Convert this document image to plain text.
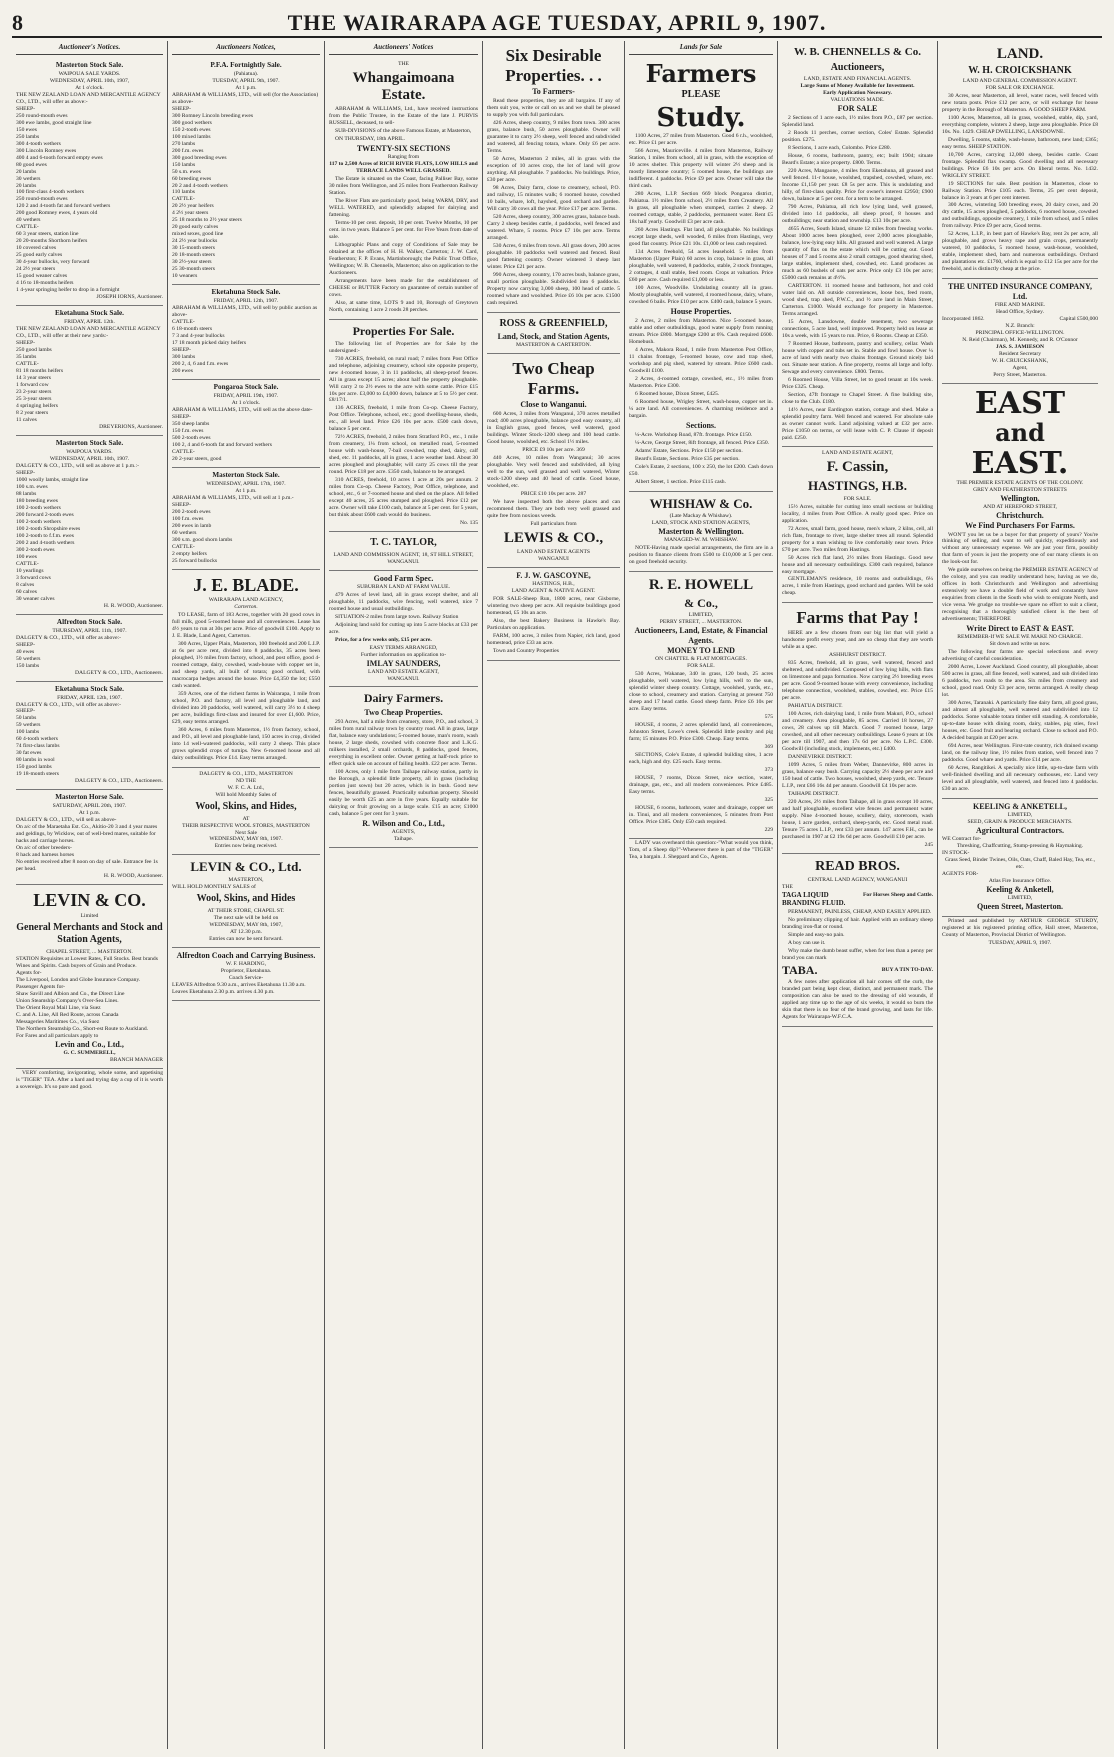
8	THE WAIRARAPA AGE TUESDAY, APRIL 9, 1907.
Auctioneer's Notices.
Masterton Stock Sale.
WAIPOUA SALE YARDS.
WEDNESDAY, APRIL 10th, 1907,
At 1 o'clock.
THE NEW ZEALAND LOAN AND MERCANTILE AGENCY CO., LTD., will offer as above:-
SHEEP-
250 round-mouth ewes
300 ewe lambs, good straight line
150 ewes
250 lambs
300 4-tooth wethers
300 Lincoln Romney ewes
400 4 and 6-tooth forward empty ewes
80 good ewes
20 lambs
30 wethers
20 lambs
100 first-class 4-tooth wethers
250 round-mouth ewes
120 2 and 4-tooth fat and forward wethers
200 good Romney ewes, 4 years old
40 wethers
CATTLE-
60 3 year steers, station line
20 20-months Shorthorn heifers
10 covered calves
25 good early calves
30 4-year bullocks, very forward
24 2½ year steers
15 good weaner calves
4 16 to 18-months heifers
1 4-year springing heifer to drop in a fortnight
JOSEPH IORNS, Auctioneer.
Eketahuna Stock Sale.
FRIDAY, APRIL 12th.
THE NEW ZEALAND LOAN AND MERCANTILE AGENCY CO., LTD., will offer at their new yards:-
SHEEP-
250 good lambs
35 lambs
CATTLE-
81 18 months heifers
14 3 year steers
1 forward cow
23 2-year steers
25 3-year steers
4 springing heifers
8 2 year steers
11 calves
DREYERIONS, Auctioneer.
Masterton Stock Sale.
WAIPOUA YARDS.
WEDNESDAY, APRIL 10th, 1907.
DALGETY & CO., LTD., will sell as above at 1 p.m.:-
SHEEP-
1000 woolly lambs, straight line
100 s.m. ewes
88 lambs
180 breeding ewes
100 2-tooth wethers
200 forward 2-tooth ewes
100 2-tooth wethers
100 2-tooth Shropshire ewes
100 2-tooth to f.f.m. ewes
200 2 and 4-tooth wethers
300 2-tooth ewes
100 ewes
CATTLE-
10 yearlings
3 forward cows
8 calves
60 calves
30 weaner calves
H. R. WOOD, Auctioneer.
Alfredton Stock Sale.
THURSDAY, APRIL 11th, 1907.
DALGETY & CO., LTD., will offer as above:-
SHEEP-
40 ewes
50 wethers
150 lambs
DALGETY & CO., LTD., Auctioneers.
Eketahuna Stock Sale.
FRIDAY, APRIL 12th, 1907.
DALGETY & CO., LTD., will offer as above:-
SHEEP-
50 lambs
59 wethers
100 lambs
60 4-tooth wethers
74 first-class lambs
30 fat ewes
80 lambs in wool
150 good lambs
19 18-month steers
DALGETY & CO., LTD., Auctioneers.
Masterton Horse Sale.
SATURDAY, APRIL 20th, 1907.
At 1 p.m.
DALGETY & CO., LTD., will sell as above-
On a/c of the Maraetaha Est. Co., Akitio-20 3 and 4 year mares and geldings, by Wicklow, out of well-bred mares, suitable for hacks and carriage horses.
On a/c of other breeders-
8 hack and harness horses
No entries received after 8 noon on day of sale. Entrance fee 1s per head.
H. R. WOOD, Auctioneer.
LEVIN & CO.
Limited
General Merchants and Stock and Station Agents,
CHAPEL STREET, ... MASTERTON.
STATION Requisites at Lowest Rates, Full Stocks. Best brands Wines and Spirits. Cash buyers of Grain and Produce.
Agents for-
The Liverpool, London and Globe Insurance Company.
Passenger Agents for-
Shaw Savill and Albion and Co., the Direct Line
Union Steamship Company's Over-Sea Lines.
The Orient Royal Mail Line, via Suez
C. and A. Line, All Red Route, across Canada
Messageries Maritimes Co., via Suez
The Northern Steamship Co., Short-est Route to Auckland.
For Fares and all particulars apply to
Levin and Co., Ltd.,
G. C. SUMMERELL,
BRANCH MANAGER
VERY comforting, invigorating, whole some, and appetising is "TIGER" TEA. After a hard and trying day a cup of it is worth a sovereign. It's so pure and good.
Auctioneers Notices,
P.F.A. Fortnightly Sale.
(Pahiatua).
TUESDAY, APRIL 9th, 1907.
At 1 p.m.
ABRAHAM & WILLIAMS, LTD., will sell (for the Association) as above-
SHEEP-
300 Romney Lincoln breeding ewes
300 good wethers
150 2-tooth ewes
100 mixed lambs
270 lambs
200 f.m. ewes
300 good breeding ewes
150 lambs
50 s.m. ewes
60 breeding ewes
20 2 and 4-tooth wethers
110 lambs
CATTLE-
20 2½ year heifers
4 2½ year steers
25 18 months to 2½ year steers
20 good early calves
mixed sexes, good line
24 2½ year bullocks
30 15-month steers
20 18-month steers
30 2½-year steers
25 30-month steers
10 weaners
Eketahuna Stock Sale.
FRIDAY, APRIL 12th, 1907.
ABRAHAM & WILLIAMS, LTD., will sell by public auction as above-
CATTLE-
6 18-month steers
7 3 and 4-year bullocks
17 18 month picked dairy heifers
SHEEP-
300 lambs
200 2, 4, 6 and f.m. ewes
200 ewes
Pongaroa Stock Sale.
FRIDAY, APRIL 19th, 1907.
At 1 o'clock.
ABRAHAM & WILLIAMS, LTD., will sell as the above date-
SHEEP-
350 sheep lambs
150 f.m. ewes
500 2-tooth ewes
100 2, 4 and 6-tooth fat and forward wethers
CATTLE-
20 2-year steers, good
Masterton Stock Sale.
WEDNESDAY, APRIL 17th, 1907.
At 1 p.m.
ABRAHAM & WILLIAMS, LTD., will sell at 1 p.m.-
SHEEP-
200 2-tooth ewes
100 f.m. ewes
200 ewes in lamb
60 wethers
300 s.m. good shorn lambs
CATTLE-
2 empty heifers
25 forward bullocks
J. E. BLADE.
WAIRARAPA LAND AGENCY,
Carterton.
TO LEASE, farm of 183 Acres, together with 20 good cows in full milk, good 5-roomed house and all conveniences. Lease has 4½ years to run at 30s per acre. Price of goodwill £100. Apply to J. E. Blade, Land Agent, Carterton.
300 Acres, Upper Plain, Masterton, 100 freehold and 200 L.I.P. at 6s per acre rent, divided into 8 paddocks, 35 acres been ploughed, 1½ miles from factory, school, and post office, good 4-roomed cottage, dairy, cowshed, wash-house with copper set in, and sheep yards, all built of totara; good orchard, with macrocarpa hedges around the house. Price £4,350 the lot; £550 cash wanted.
359 Acres, one of the richest farms in Wairarapa, 1 mile from school, P.O. and factory, all level and ploughable land, and divided into 20 paddocks, well watered, will carry 3½ to 4 sheep per acre, buildings first-class and insured for over £1,600. Price, £29, easy terms arranged.
360 Acres, 6 miles from Masterton, 1½ from factory, school, and P.O., all level and ploughable land, 150 acres in crop, divided into 14 well-watered paddocks, will carry 2 sheep. This place grows splendid crops of turnips. New 6-roomed house and all dairy outbuildings. Price £14. Easy terms arranged.
DALGETY & CO., LTD., MASTERTON
ND THE
W. F. C. A. Ltd.,
Will hold Monthly Sales of
Wool, Skins, and Hides,
AT
THEIR RESPECTIVE WOOL STORES, MASTERTON
Next Sale
WEDNESDAY, MAY 8th, 1907.
Entries now being received.
LEVIN & CO., Ltd.
MASTERTON,
WILL HOLD MONTHLY SALES of
Wool, Skins, and Hides
AT THEIR STORE, CHAPEL ST.
The next sale will be held on
WEDNESDAY, MAY 8th, 1907,
AT 12.30 p.m.
Entries can now be sent forward.
Alfredton Coach and Carrying Business.
W. F. HARDING,
Proprietor, Eketahuna.
Coach Service-
LEAVES Alfredton 9.30 a.m., arrives Eketahuna 11.30 a.m.
Leaves Eketahuna 2.30 p.m. arrives 4.30 p.m.
Auctioneers' Notices
THE
Whangaimoana Estate.
ABRAHAM & WILLIAMS, Ltd., have received instructions from the Public Trustee, in the Estate of the late J. PURVIS RUSSELL, deceased, to sell-
SUB-DIVISIONS of the above Famous Estate, at Masterton,
ON THURSDAY, 18th APRIL.
TWENTY-SIX SECTIONS
Ranging from
117 to 2,500 Acres of RICH RIVER FLATS, LOW HILLS and TERRACE LANDS WELL GRASSED.
The Estate is situated on the Coast, facing Palliser Bay, some 30 miles from Wellington, and 25 miles from Featherston Railway Station.
The River Flats are particularly good, being WARM, DRY, and WELL WATERED, and splendidly adapted for dairying and fattening.
Terms-10 per cent. deposit, 10 per cent. Twelve Months, 10 per cent. in two years. Balance 5 per cent. for Five Years from date of sale.
Lithographic Plans and copy of Conditions of Sale may be obtained at the offices of H. H. Walker, Carterton; J. W. Card, Featherston; F. P. Evans, Martinborough; the Public Trust Office, Wellington; W. B. Chennells, Masterton; also on application to the Auctioneers.
Arrangements have been made for the establishment of CHEESE or BUTTER Factory on guarantee of certain number of cows.
Also, at same time, LOTS 9 and 10, Borough of Greytown North, containing 1 acre 2 roods 28 perches.
Properties For Sale.
The following list of Properties are for Sale by the undersigned:-
730 ACRES, freehold, on rural road; 7 miles from Post Office and telephone, adjoining creamery, school site opposite property, new 4-roomed house, 3 in 11 paddocks, all sheep-proof fences. All in grass except 15 acres; about half the property ploughable. Will carry 2 to 2½ ewes to the acre with some cattle. Price £15 10s per acre. £3,000 to £4,000 down, balance at 5 to 5½ per cent. £8/17/1.
136 ACRES, freehold, 1 mile from Co-op. Cheese Factory, Post Office. Telephone, school, etc.; good dwelling-house, sheds, etc., all level land. Price £26 10s per acre. £500 cash down, balance 5 per cent.
72½ ACRES, freehold, 2 miles from Stratford P.O., etc., 1 mile from creamery, 1¼ from school, on metalled road, 5-roomed house with wash-house, 7-bail cowshed, trap shed, dairy, calf shed, etc. 11 paddocks, all in grass, 1 acre weather land. About 30 acres ploughed and ploughable; will carry 25 cows till the year round. Price £18 per acre. £350 cash, balance to be arranged.
310 ACRES, freehold, 10 acres 1 acre at 20s per annum. 2 miles from Co-op. Cheese Factory, Post Office, telephone, and school, etc., 6 or 7-roomed house and shed on the place. All felled except 40 acres, 25 acres stumped and ploughed. Price £12 per acre. Owner will take £100 cash, balance at 5 per cent. for 5 years, but think about £600 cash would do business.
No. 135
T. C. TAYLOR,
LAND AND COMMISSION AGENT, 18, ST HILL STREET, WANGANUI.
Good Farm Spec.
SUBURBAN LAND AT FARM VALUE.
479 Acres of level land, all in grass except shelter, and all ploughable, 11 paddocks, wire fencing, well watered, nice 7 roomed house and usual outbuildings.
SITUATION-2 miles from large town. Railway Station
Adjoining land sold for cutting up into 5 acre blocks at £33 per acre.
Price, for a few weeks only, £15 per acre.
EASY TERMS ARRANGED,
Further information on application to-
IMLAY SAUNDERS,
LAND AND ESTATE AGENT,
WANGANUI.
Dairy Farmers.
Two Cheap Properties.
293 Acres, half a mile from creamery, store, P.O., and school, 3 miles from rural railway town by country road. All in grass, large flat, balance easy undulations; 5-roomed house, man's room, wash house, 2 large sheds, cowshed with concrete floor and L.K.G. milkers installed, 2 small orchards, 8 paddocks, good fences, everything in excellent order. Owner getting at half-rock price to effect quick sale on account of failing health. £22 per acre. Terms.
100 Acres, only 1 mile from Taihape railway station, partly in the Borough, a splendid little property, all in grass (including portion just sown) but 20 acres, which is in bush. Good new fences, beautifully grassed. Practically suburban property. Should easily be worth £25 an acre in five years. Equally suitable for dairying or fruit growing on a large scale. £15 an acre; £1000 cash, balance 5 per cent for 3 years.
R. Wilson and Co., Ltd.,
AGENTS,
Taihape.
Six Desirable Properties. . .
To Farmers-
Read these properties, they are all bargains. If any of them suit you, write or call on us and we shall be pleased to supply you with full particulars.
426 Acres, sheep country, 9 miles from town. 380 acres grass, balance bush, 50 acres ploughable. Owner will guarantee it to carry 2½ sheep, well fenced and subdivided and watered, all fencing totara, whare. Only £6 per acre. Terms.
50 Acres, Masterton 2 miles, all in grass with the exception of 10 acres crop, the lot of land will grow anything. All ploughable. 7 paddocks. No buildings. Price, £30 per acre.
98 Acres, Dairy farm, close to creamery, school, P.O. and railway, 15 minutes walk; 6 roomed house, cowshed 10 bails, whare, loft, hayshed, good orchard and garden. Will carry 30 cows all the year. Price £17 per acre. Terms.
520 Acres, sheep country, 300 acres grass, balance bush. Carry 2 sheep besides cattle, 4 paddocks, well fenced and watered. Whare, 5 rooms. Price £7 10s per acre. Terms arranged.
530 Acres, 6 miles from town. All grass down, 200 acres ploughable. 10 paddocks well watered and fenced. Real good fattening country. Owner wintered 3 sheep last winter. Price £21 per acre.
990 Acres, sheep country, 170 acres bush, balance grass, small portion ploughable. Subdivided into 6 paddocks. Property now carrying 3,000 sheep, 100 head of cattle. 5 roomed whare and woolshed. Price £6 10s per acre. £1500 cash required.
ROSS & GREENFIELD,
Land, Stock, and Station Agents,
MASTERTON & CARTERTON.
Two Cheap Farms.
Close to Wanganui.
600 Acres, 3 miles from Wanganui, 370 acres metalled road; 400 acres ploughable, balance good easy country, all in English grass, good fences, well watered, good buildings. Winter Stock-1200 sheep and 100 head cattle. Good house, woolshed, etc. School 1½ miles.
PRICE £9 10s per acre. 369
440 Acres, 10 miles from Wanganui; 30 acres ploughable. Very well fenced and subdivided, all lying well to the sun, well grassed and well watered, Winter stock-1200 sheep and 40 head of cattle. Good house, woolshed, etc.
PRICE £10 10s per acre. 287
We have inspected both the above places and can recommend them. They are both very well grassed and quite free from noxious weeds.
Full particulars from
LEWIS & CO.,
LAND AND ESTATE AGENTS
WANGANUI
F. J. W. GASCOYNE,
HASTINGS, H.B.,
LAND AGENT & NATIVE AGENT.
FOR SALE-Sheep Run, 1800 acres, near Gisborne, wintering two sheep per acre. All requisite buildings good homestead, £5 10s an acre.
Also, the best Bakery Business in Hawke's Bay. Particulars on application.
FARM, 100 acres, 3 miles from Napier, rich land, good homestead, price £33 an acre.
Town and Country Properties
Lands for Sale
Farmers
PLEASE
Study.
1100 Acres, 27 miles from Masterton. Good 6 r.h., woolshed, etc. Price £1 per acre.
566 Acres, Mauriceville. 4 miles from Masterton, Railway Station, 1 miles from school, all in grass, with the exception of 10 acres shelter. This property will winter 2½ sheep and is mostly limestone country; 5 roomed house, the buildings are indifferent. 4 paddocks. Price £9 per acre. Owner will take the third cash.
280 Acres, L.I.P. Section 669 block Pongaroa district, Pahiatua. 1½ miles from school, 2½ miles from Creamery. All in grass, all ploughable when stumped, carries 2 sheep. 2 roomed cottage, stable, 2 paddocks, permanent water. Rent £5 18s half yearly. Goodwill £3 per acre cash.
260 Acres Hastings. Flat land, all ploughable. No buildings except large sheds, well wooded, 6 miles from Hastings, very good flat country. Price £21 10s. £1,000 or less cash required.
134 Acres freehold, 54 acres leasehold. 5 miles from Masterton (Upper Plain) 60 acres in crop, balance in grass, all ploughable, well watered, 8 paddocks, stable, 2 stock frontages, 2 cottages, 4 stall stable, feed room. Crops at valuation. Price £60 per acre. Cash required £1,000 or less.
100 Acres, Woodville. Undulating country all in grass. Mostly ploughable, well watered, 4 roomed house, dairy, whare, cowshed 6 bails. Price £10 per acre. £400 cash, balance 5 years.
House Properties.
2 Acres, 2 miles from Masterton. Nice 5-roomed house, stable and other outbuildings, good water supply from running stream. Price £800. Mortgage £200 at 6%. Cash required £600. Homebush.
4 Acres, Makora Road, 1 mile from Masterton Post Office, 11 chains frontage, 5-roomed house, cow and trap shed, workshop and pig shed, watered by stream. Price £600 cash. Goodwill £100.
2 Acres, 4-roomed cottage, cowshed, etc., 1½ miles from Masterton. Price £300.
6 Roomed house, Dixon Street, £425.
6 Roomed house, Wrigley Street, wash-house, copper set in. ¼ acre land. All conveniences. A charming residence and a bargain.
Sections.
¼-Acre. Workshop Road, 87ft. frontage. Price £150.
¼-Acre, George Street, 8ift frontage, all fenced. Price £350.
Adams' Estate, Sections. Price £150 per section.
Beard's Estate, Sections. Price £35 per section.
Cole's Estate, 2 sections, 100 x 250, the lot £200. Cash down £50.
Albert Street, 1 section. Price £115 cash.
WHISHAW & Co.
(Late Mackay & Whishaw).
LAND, STOCK AND STATION AGENTS,
Masterton & Wellington.
MANAGED-W. M. WHISHAW.
NOTE-Having made special arrangements, the firm are in a position to finance clients from £500 to £10,000 at 5 per cent. on good freehold security.
R. E. HOWELL
& Co.,
LIMITED,
PERRY STREET, ... MASTERTON.
Auctioneers, Land, Estate, & Financial Agents.
MONEY TO LEND
ON CHATTEL & FLAT MORTGAGES.
FOR SALE.
530 Acres, Wakanae, 340 in grass, 120 bush, 25 acres ploughable, well watered, low lying hills, well to the sun, splendid winter sheep country. Cottage, woolshed, yards, etc., close to school, creamery and station. Carrying at present 750 sheep and 17 head cattle. Good sheep farm. Price £6 10s per acre. Easy terms.
575
HOUSE, 4 rooms, 2 acres splendid land, all conveniences, Johnston Street, Lowe's creek. Splendid little poultry and pig farm; 15 minutes P.O. Price £300. Cheap. Easy terms.
369
SECTIONS, Cole's Estate, 4 splendid building sites, 1 acre each, high and dry. £25 each. Easy terms.
373
HOUSE, 7 rooms, Dixon Street, nice section, water, drainage, gas, etc., and all modern conveniences. Price £485. Easy terms.
325
HOUSE, 6 rooms, bathroom, water and drainage, copper set in. Tinui, and all modern conveniences, 5 minutes from Post Office. Price £385. Only £50 cash required.
229
LADY was overheard this question:-"What would you think, Tom, of a Sheep dip?"-Whenever there is part of the "TIGER" Tea, a bargain. J. Sheppard and Co., Agents.
W. B. CHENNELLS & Co.
Auctioneers,
LAND, ESTATE AND FINANCIAL AGENTS.
Large Sums of Money Available for Investment.
Early Application Necessary.
VALUATIONS MADE.
FOR SALE
2 Sections of 1 acre each, 1½ miles from P.O., £87 per section. Splendid land.
2 Roods 11 perches, corner section, Coles' Estate. Splendid position. £275.
8 Sections, 1 acre each, Colombo. Price £280.
House, 6 rooms, bathroom, pantry, etc; built 1904; situate Beard's Estate; a nice property. £800. Terms.
220 Acres, Mangaone, 4 miles from Eketahuna, all grassed and well fenced. 11-r house, woolshed, trapshed, cowshed, whare, etc. Income £1,150 per year. £8 5s per acre. This is undulating and hilly, of first-class quality. Price for owner's interest £2950; £900 down, balance at 5 per cent. for a term to be arranged.
790 Acres, Pahiatua, all rich low lying land, well grassed, divided into 14 paddocks, all sheep proof, 8 houses and outbuildings; near station and township. £13 10s per acre.
4655 Acres, South Island, situate 12 miles from freezing works. About 1000 acres been ploughed, over 2,000 acres ploughable, balance, low-lying easy hills. All grassed and well watered. A large quantity of flax on the estate which will be cutting out. Good houses of 7 and 5 rooms also 2 small cottages, good shearing shed, large stables, implement shed, cowshed, etc. Land produces as much as 60 bushels of oats per acre. Price only £3 10s per acre; £5000 cash remains at 4½%.
CARTERTON. 11 roomed house and bathroom, hot and cold water laid on. All outside conveniences, loose box, feed room, wood shed, trap shed, P.W.C., and ½ acre land in Main Street, Carterton. £1000. Would exchange for property in Masterton. Terms arranged.
15 Acres, Lansdowne, double tenement, two sewerage connections, 5 acre land, well improved. Property held on lease at 10s a week, with 15 years to run. Price, 6 Rooms. Cheap at £350.
7 Roomed House, bathroom, pantry and scullery, cellar. Wash house with copper and tubs set in. Stable and fowl house. Over ¼ acre of land with nearly two chains frontage. Ground nicely laid out. Situate near station. A fine property, rooms all large and lofty. Sewage and every convenience. £800. Terms.
6 Roomed House, Villa Street, let to good tenant at 10s week. Price £325. Cheap.
Section, 47ft frontage to Chapel Street. A fine building site, close to the Club. £180.
14½ Acres, near Eardington station, cottage and shed. Make a splendid poultry farm. Well fenced and watered. For absolute sale as owner cannot work. Land adjoining valued at £32 per acre. Price £1050 on terms, or will lease with C. P. Clause if deposit paid. £250.
LAND AND ESTATE AGENT,
F. Cassin,
HASTINGS, H.B.
FOR SALE.
15½ Acres, suitable for cutting into small sections or building locality, 4 miles from Post Office. A really good spec. Price on application.
72 Acres, small farm, good house, men's whare, 2 kilns, cell, all rich flats, frontage to river, large shelter trees all round. Splendid property for a man wishing to live comfortably near town. Price £70 per acre. Two miles from Hastings.
50 Acres rich flat land, 2½ miles from Hastings. Good new house and all necessary outbuildings. £300 cash required, balance easy mortgage.
GENTLEMAN'S residence, 10 rooms and outbuildings, 6¼ acres, 1 mile from Hastings, good orchard and garden. Will be sold cheap.
Farms that Pay !
HERE are a few chosen from our big list that will yield a handsome profit every year, and are so cheap that they are worth while as a spec.
ASHHURST DISTRICT.
835 Acres, freehold, all in grass, well watered, fenced and sheltered, and subdivided. Composed of low lying hills, with flats on limestone and papa formation. Now carrying 2½ breeding ewes per acre. Good 9-roomed house with every convenience, including telephone connection, woolshed, stables, cowshed, etc. Price £15 per acre.
PAHIATUA DISTRICT.
100 Acres, rich dairying land, 1 mile from Makuri, P.O., school and creamery. Area ploughable, 85 acres. Carried 18 horses, 27 cows, 28 calves up till March. Good 7 roomed house, large cowshed, and all other necessary outbuildings. Lease 6 years at 10s per acre till 1907, and then 17s 6d per acre. No L.P.C. £300. Goodwill (including stock, implements, etc.) £400.
DANNEVIRKE DISTRICT.
1099 Acres, 5 miles from Weber, Dannevirke, 800 acres in grass, balance easy bush. Carrying capacity 2½ sheep per acre and 150 head of cattle. Two houses, woolshed, sheep yards, etc. Tenure L.I.P., rent £66 16s 4d per annum. Goodwill £4 10s per acre.
TAIHAPE DISTRICT.
220 Acres, 2½ miles from Taihape, all in grass except 10 acres, and half ploughable, excellent wire fences and permanent water supply. Nine 4-roomed house, scullery, dairy, storeroom, wash house, 1 acre garden, orchard, sheep-yards, etc. Good metal road. Tenure 75 acres L.I.P., rent £33 per annum. 147 acres F.H., can be purchased in 1907 at £2 19s 6d per acre. Goodwill £10 per acre.
245
READ BROS.
CENTRAL LAND AGENCY, WANGANUI
THE
TAGA LIQUID BRANDING FLUID.
For Horses Sheep and Cattle.
PERMANENT, PAINLESS, CHEAP, AND EASILY APPLIED.
No preliminary clipping of hair. Applied with an ordinary sheep branding iron-flat or round.
Simple and easy-no pain.
A boy can use it.
Why make the dumb beast suffer, when for less than a penny per brand you can mark
TABA.	BUY A TIN TO-DAY.
A few notes after application all hair comes off the curb, the branded part being kept clear, distinct, and permanent mark. The composition can also be used to the dressing of old wounds, if applied any time up to the age of six weeks, it would so burn the skin that there is no fear of the brand growing, and lasts for life. Agents for Wairarapa-W.F.C.A.
LAND.
W. H. CROICKSHANK
LAND AND GENERAL COMMISSION AGENT.
FOR SALE OR EXCHANGE.
30 Acres, near Masterton, all level, water races, well fenced with new totara posts. Price £12 per acre, or will exchange for house property in the Borough of Masterton. A GOOD SHEEP FARM.
1100 Acres, Masterton, all in grass, woolshed, stable, dip, yard, everything complete, winters 2 sheep, large area ploughable. Price £8 10s. No. 1429. CHEAP DWELLING, LANSDOWNE.
Dwelling, 5 rooms, stable, wash-house, bathroom, new land; £365; easy terms. SHEEP STATION.
10,700 Acres, carrying 12,000 sheep, besides cattle. Coast frontage. Splendid flax swamp. Good dwelling and all necessary buildings. Price £6 10s per acre. On liberal terms. No. 1432. WRIGLEY STREET.
19 SECTIONS for sale. Best position in Masterton, close to Railway Station. Price £105 each. Terms, 25 per cent deposit, balance in 3 years at 6 per cent interest.
300 Acres, wintering 500 breeding ewes, 20 dairy cows, and 20 dry cattle, 15 acres ploughed, 5 paddocks, 6 roomed house, cowshed and outbuildings, opposite creamery, 1 mile from school, and 5 miles from railway. Price £9 per acre, Good terms.
52 Acres, L.I.P., in best part of Hawke's Bay, rent 2s per acre, all ploughable, and grows heavy rape and grain crops, permanently watered, 10 paddocks, 5 roomed house, wash-house, woolshed, stable, implement shed, barn and numerous outbuildings. Orchard and plantations etc. £1760, which is equal to £12 15s per acre for the freehold, and is distinctly cheap at the price.
THE UNITED INSURANCE COMPANY, Ltd.
FIRE AND MARINE.
Head Office, Sydney.
Incorporated 1862.	Capital £500,000
N.Z. Branch:
PRINCIPAL OFFICE-WELLINGTON.
N. Reid (Chairman), M. Kennedy, and R. O'Connor
JAS. S. JAMIESON
Resident Secretary
W. H. CRUICKSHANK,
Agent,
Perry Street, Masterton.
EAST
and
EAST.
THE PREMIER ESTATE AGENTS OF THE COLONY.
GREY AND FEATHERSTON STREETS
Wellington.
AND AT HEREFORD STREET,
Christchurch.
We Find Purchasers For Farms.
WON'T you let us be a buyer for that property of yours? You're thinking of selling, and want to sell quickly, expeditiously and without any unnecessary expense. We are just your firm, possibly that farm of yours is just the property one of our many clients is on the look-out for.
We guide ourselves on being the PREMIER ESTATE AGENCY of the colony, and you can readily understand how, having as we do, offices in both Christchurch and Wellington and advertising extensively we have a double field of work and constantly have enquiries from clients in the South who wish to emigrate North, and vice versa. We grudge no trouble-we spare no effort to suit a client, recognising that a thoroughly satisfied client is the best of advertisements; THEREFORE
Write Direct to EAST & EAST.
REMEMBER-If WE SALE WE MAKE NO CHARGE.
Sit down and write us now.
The following four farms are special selections and every advertising of careful consideration.
2000 Acres, Lower Auckland. Good country, all ploughable, about 500 acres in grass, all fine fenced, well watered, and sub divided into 6 paddocks, two roads to the area. Six miles from creamery and school, good road. Only £3 per acre, terms arranged. A really cheap lot.
300 Acres, Taranaki. A particularly fine dairy farm, all good grass, and almost all ploughable, well watered and subdivided into 12 paddocks. Some valuable totara timber still standing. A comfortable, up-to-date house with dining room, dairy, stables, pig sties, fowl houses, etc. Good fruit and bearing orchard. Close to school and P.O. A decided bargain at £20 per acre.
694 Acres, near Wellington. First-rate country, rich drained swamp land, on the railway line, 1½ miles from station, well fenced into 7 paddocks. Good whare and yards. Price £14 per acre.
60 Acres, Rangitikei. A specially nice little, up-to-date farm with well-finished dwelling and all necessary outhouses, etc. Land very level and all ploughable, well watered, and fenced into 4 paddocks. £30 an acre.
KEELING & ANKETELL,
LIMITED,
SEED, GRAIN & PRODUCE MERCHANTS.
Agricultural Contractors.
WE Contract for-
Threshing, Chaffcutting, Stump-pressing & Haymaking.
IN STOCK-
Grass Seed, Binder Twines, Oils, Oats, Chaff, Baled Hay, Tea, etc., etc.
AGENTS FOR-
Atlas Fire Insurance Office.
Keeling & Anketell,
LIMITED,
Queen Street, Masterton.
Printed and published by ARTHUR GEORGE STURDY, registered at his registered printing office, Hall street, Masterton, County of Masterton, Provincial District of Wellington.
TUESDAY, APRIL 9, 1907.
